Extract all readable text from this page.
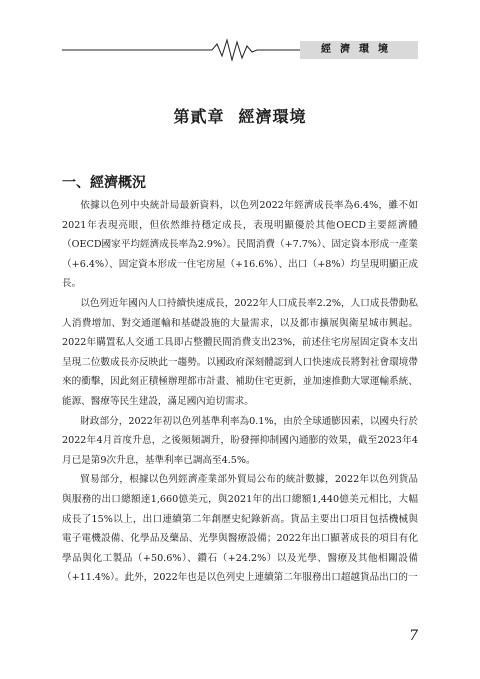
經濟環境
第貳章 經濟環境
一、經濟概況

依據以色列中央統計局最新資料，以色列2022年經濟成長率為6.4%，雖不如2021年表現亮眼，但依然維持穩定成長，表現明顯優於其他OECD主要經濟體（OECD國家平均經濟成長率為2.9%）。民間消費（+7.7%）、固定資本形成一產業（+6.4%）、固定資本形成一住宅房屋（+16.6%）、出口（+8%）均呈現明顯正成長。

以色列近年國內人口持續快速成長，2022年人口成長率2.2%，人口成長帶動私人消費增加、對交通運輸和基礎設施的大量需求，以及都市擴展與衛星城市興起。2022年購置私人交通工具即占整體民間消費支出23%，前述住宅房屋固定資本支出呈現二位數成長亦反映此一趨勢。以國政府深刻體認到人口快速成長將對社會環境帶來的衝擊，因此刻正積極辦理都市計畫、補助住宅更新，並加速推動大眾運輸系統、能源、醫療等民生建設，滿足國內迫切需求。

財政部分，2022年初以色列基準利率為0.1%，由於全球通膨因素，以國央行於2022年4月首度升息，之後頻頻調升，盼發揮抑制國內通膨的效果，截至2023年4月已是第9次升息，基準利率已調高至4.5%。

貿易部分，根據以色列經濟產業部外貿局公布的統計數據，2022年以色列貨品與服務的出口總額達1,660億美元，與2021年的出口總額1,440億美元相比，大幅成長了15%以上，出口連續第二年創歷史紀錄新高。貨品主要出口項目包括機械與電子電機設備、化學品及藥品、光學與醫療設備；2022年出口顯著成長的項目有化學品與化工製品（+50.6%）、鑽石（+24.2%）以及光學、醫療及其他相關設備（+11.4%）。此外，2022年也是以色列史上連續第二年服務出口超越貨品出口的一

7
